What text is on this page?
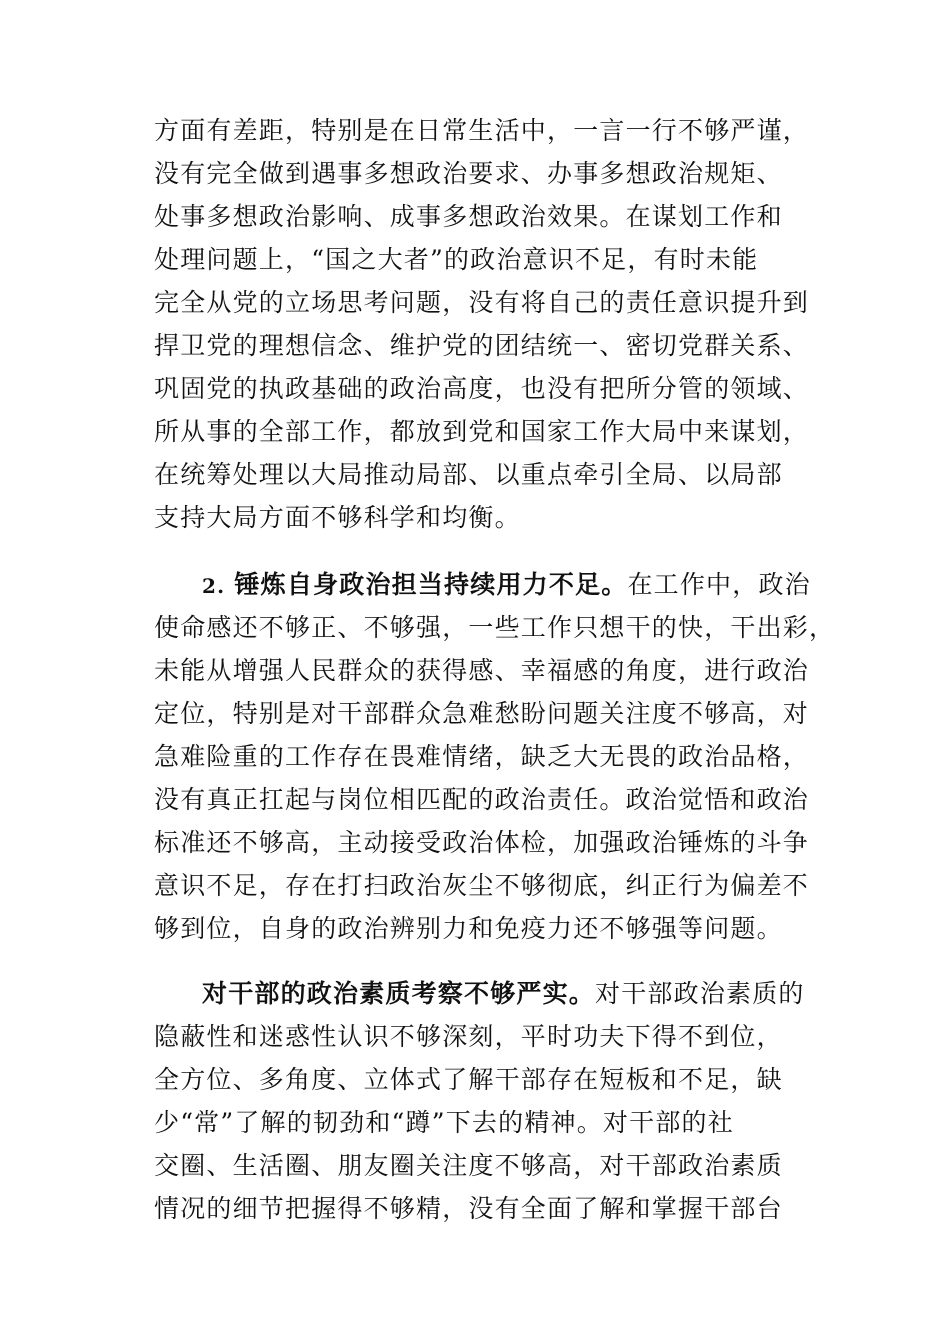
方面有差距，特别是在日常生活中，一言一行不够严谨，
没有完全做到遇事多想政治要求、办事多想政治规矩、
处事多想政治影响、成事多想政治效果。在谋划工作和
处理问题上，“国之大者”的政治意识不足，有时未能
完全从党的立场思考问题，没有将自己的责任意识提升到
捍卫党的理想信念、维护党的团结统一、密切党群关系、
巩固党的执政基础的政治高度，也没有把所分管的领域、
所从事的全部工作，都放到党和国家工作大局中来谋划，
在统筹处理以大局推动局部、以重点牵引全局、以局部
支持大局方面不够科学和均衡。
2. 锤炼自身政治担当持续用力不足。在工作中，政治
使命感还不够正、不够强，一些工作只想干的快，干出彩，
未能从增强人民群众的获得感、幸福感的角度，进行政治
定位，特别是对干部群众急难愁盼问题关注度不够高，对
急难险重的工作存在畏难情绪，缺乏大无畏的政治品格，
没有真正扛起与岗位相匹配的政治责任。政治觉悟和政治
标准还不够高，主动接受政治体检，加强政治锤炼的斗争
意识不足，存在打扫政治灰尘不够彻底，纠正行为偏差不
够到位，自身的政治辨别力和免疫力还不够强等问题。
对干部的政治素质考察不够严实。对干部政治素质的
隐蔽性和迷惑性认识不够深刻，平时功夫下得不到位，
全方位、多角度、立体式了解干部存在短板和不足，缺
少“常”了解的韧劲和“蹲”下去的精神。对干部的社
交圈、生活圈、朋友圈关注度不够高，对干部政治素质
情况的细节把握得不够精，没有全面了解和掌握干部台
